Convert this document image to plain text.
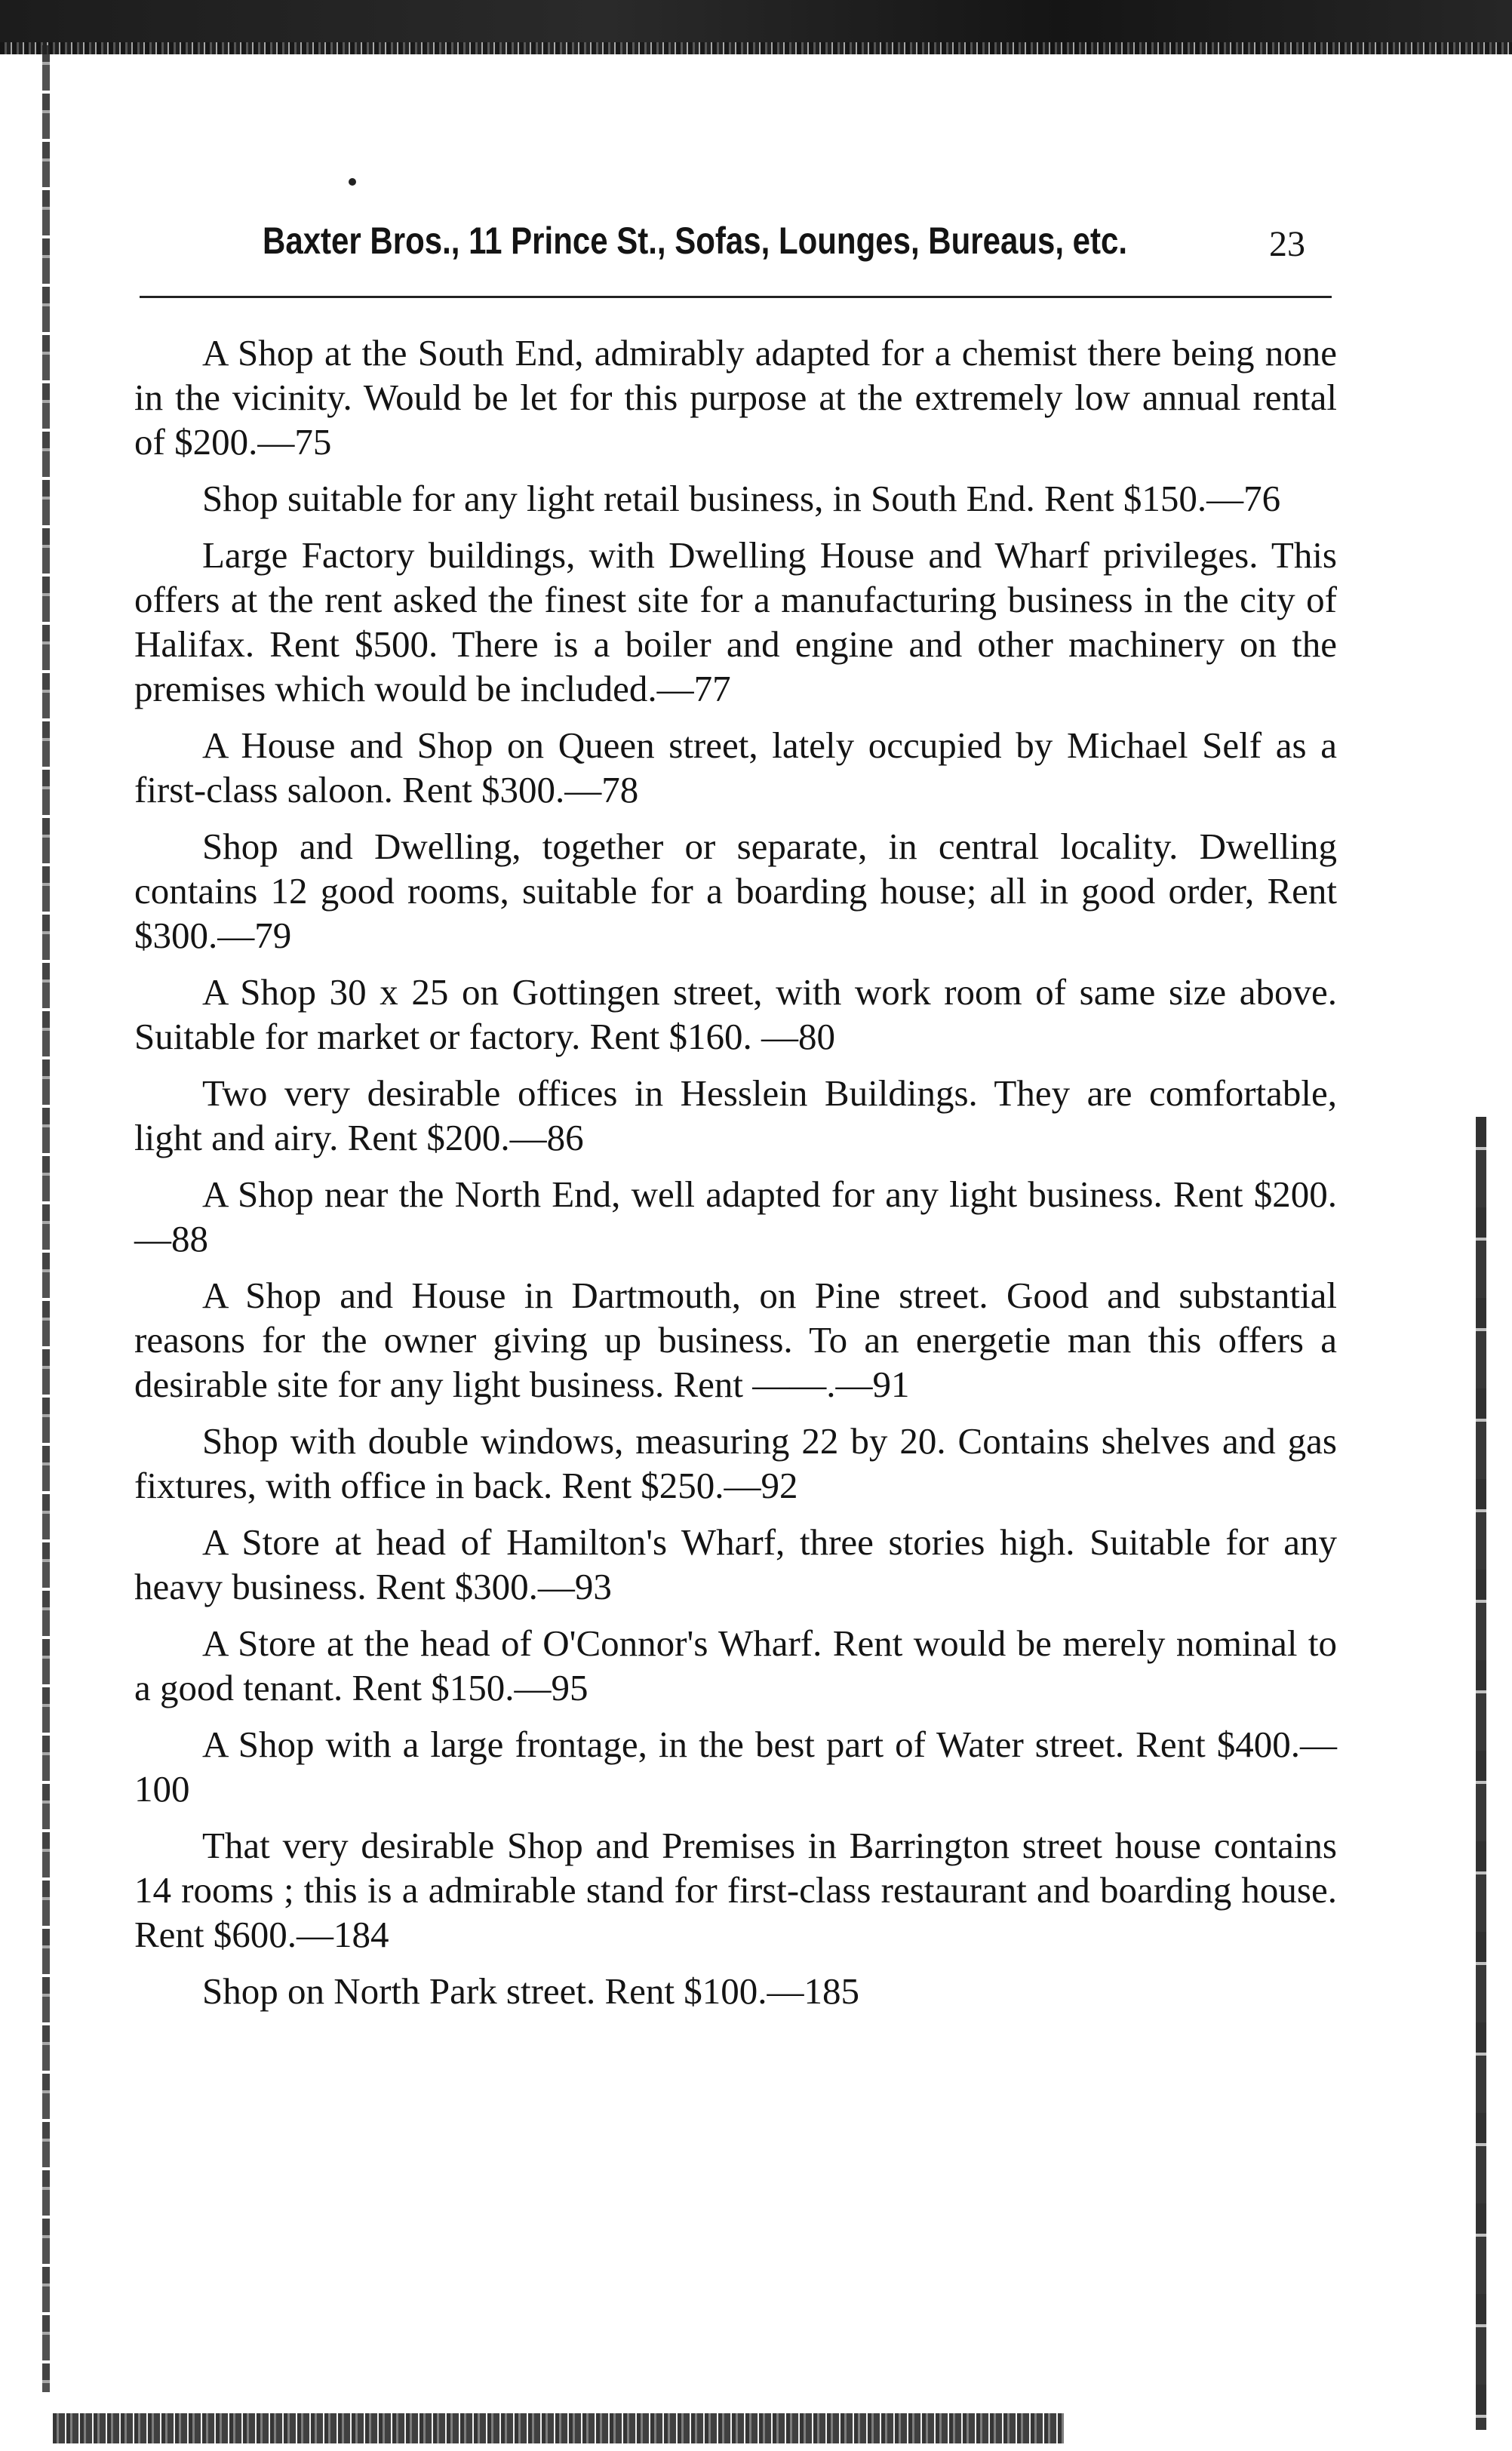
Baxter Bros., 11 Prince St., Sofas, Lounges, Bureaus, etc.	23

A Shop at the South End, admirably adapted for a chemist there being none in the vicinity. Would be let for this purpose at the extremely low annual rental of $200.—75

Shop suitable for any light retail business, in South End. Rent $150.—76

Large Factory buildings, with Dwelling House and Wharf privileges. This offers at the rent asked the finest site for a manufacturing business in the city of Halifax. Rent $500. There is a boiler and engine and other machinery on the premises which would be included.—77

A House and Shop on Queen street, lately occupied by Michael Self as a first-class saloon. Rent $300.—78

Shop and Dwelling, together or separate, in central locality. Dwelling contains 12 good rooms, suitable for a boarding house; all in good order, Rent $300.—79

A Shop 30 x 25 on Gottingen street, with work room of same size above. Suitable for market or factory. Rent $160. —80

Two very desirable offices in Hesslein Buildings. They are comfortable, light and airy. Rent $200.—86

A Shop near the North End, well adapted for any light business. Rent $200.—88

A Shop and House in Dartmouth, on Pine street. Good and substantial reasons for the owner giving up business. To an energetie man this offers a desirable site for any light business. Rent ——.—91

Shop with double windows, measuring 22 by 20. Contains shelves and gas fixtures, with office in back. Rent $250.—92

A Store at head of Hamilton's Wharf, three stories high. Suitable for any heavy business. Rent $300.—93

A Store at the head of O'Connor's Wharf. Rent would be merely nominal to a good tenant. Rent $150.—95

A Shop with a large frontage, in the best part of Water street. Rent $400.—100

That very desirable Shop and Premises in Barrington street house contains 14 rooms ; this is a admirable stand for first-class restaurant and boarding house. Rent $600.—184

Shop on North Park street. Rent $100.—185
